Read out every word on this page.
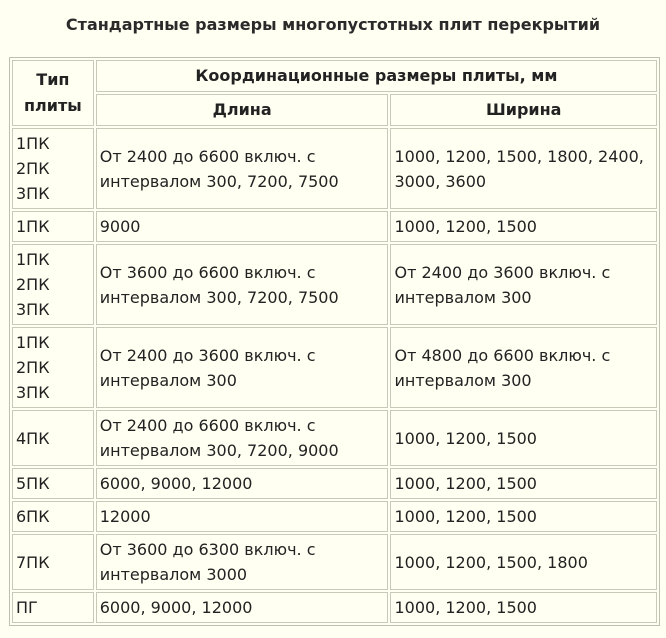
Стандартные размеры многопустотных плит перекрытий
Тип
плиты	Координационные размеры плиты, мм	
	Длина	Ширина
1ПК
2ПК
3ПК	От 2400 до 6600 включ. с интервалом 300, 7200, 7500	1000, 1200, 1500, 1800, 2400, 3000, 3600
1ПК	9000	1000, 1200, 1500
1ПК
2ПК
3ПК	От 3600 до 6600 включ. с интервалом 300, 7200, 7500	От 2400 до 3600 включ. с интервалом 300
1ПК
2ПК
3ПК	От 2400 до 3600 включ. с интервалом 300	От 4800 до 6600 включ. с интервалом 300
4ПК	От 2400 до 6600 включ. с интервалом 300, 7200, 9000	1000, 1200, 1500
5ПК	6000, 9000, 12000	1000, 1200, 1500
6ПК	12000	1000, 1200, 1500
7ПК	От 3600 до 6300 включ. с интервалом 3000	1000, 1200, 1500, 1800
ПГ	6000, 9000, 12000	1000, 1200, 1500
